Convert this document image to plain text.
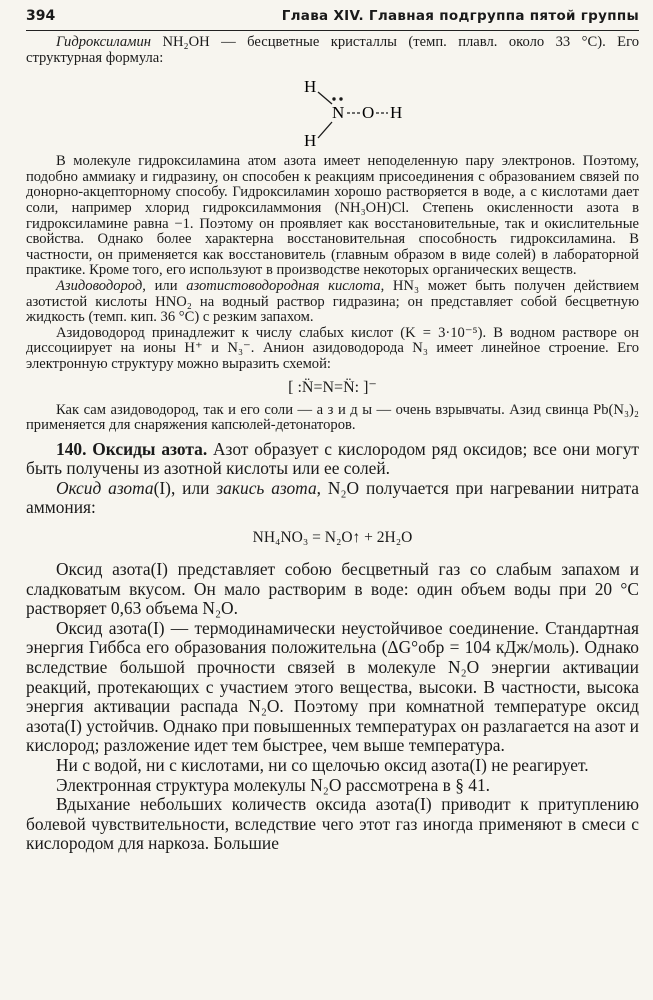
394	Глава XIV. Главная подгруппа пятой группы

Гидроксиламин NH₂OH — бесцветные кристаллы (темп. плавл. около 33 °С). Его структурная формула:

H
N O H
H

В молекуле гидроксиламина атом азота имеет неподеленную пару электронов. Поэтому, подобно аммиаку и гидразину, он способен к реакциям присоединения с образованием связей по донорно-акцепторному способу. Гидроксиламин хорошо растворяется в воде, а с кислотами дает соли, например хлорид гидроксиламмония (NH₃OH)Cl. Степень окисленности азота в гидроксиламине равна −1. Поэтому он проявляет как восстановительные, так и окислительные свойства. Однако более характерна восстановительная способность гидроксиламина. В частности, он применяется как восстановитель (главным образом в виде солей) в лабораторной практике. Кроме того, его используют в производстве некоторых органических веществ.

Азидоводород, или азотистоводородная кислота, HN₃ может быть получен действием азотистой кислоты HNO₂ на водный раствор гидразина; он представляет собой бесцветную жидкость (темп. кип. 36 °С) с резким запахом.

Азидоводород принадлежит к числу слабых кислот (K = 3·10⁻⁵). В водном растворе он диссоциирует на ионы H⁺ и N₃⁻. Анион азидоводорода N₃ имеет линейное строение. Его электронную структуру можно выразить схемой:

[ :N̈=N=N̈: ]⁻

Как сам азидоводород, так и его соли — а з и д ы — очень взрывчаты. Азид свинца Pb(N₃)₂ применяется для снаряжения капсюлей-детонаторов.

140. Оксиды азота. Азот образует с кислородом ряд оксидов; все они могут быть получены из азотной кислоты или ее солей.

Оксид азота(I), или закись азота, N₂O получается при нагревании нитрата аммония:

NH₄NO₃ = N₂O↑ + 2H₂O

Оксид азота(I) представляет собою бесцветный газ со слабым запахом и сладковатым вкусом. Он мало растворим в воде: один объем воды при 20 °С растворяет 0,63 объема N₂O.

Оксид азота(I) — термодинамически неустойчивое соединение. Стандартная энергия Гиббса его образования положительна (ΔG°обр = 104 кДж/моль). Однако вследствие большой прочности связей в молекуле N₂O энергии активации реакций, протекающих с участием этого вещества, высоки. В частности, высока энергия активации распада N₂O. Поэтому при комнатной температуре оксид азота(I) устойчив. Однако при повышенных температурах он разлагается на азот и кислород; разложение идет тем быстрее, чем выше температура.

Ни с водой, ни с кислотами, ни со щелочью оксид азота(I) не реагирует.

Электронная структура молекулы N₂O рассмотрена в § 41.

Вдыхание небольших количеств оксида азота(I) приводит к притуплению болевой чувствительности, вследствие чего этот газ иногда применяют в смеси с кислородом для наркоза. Большие
